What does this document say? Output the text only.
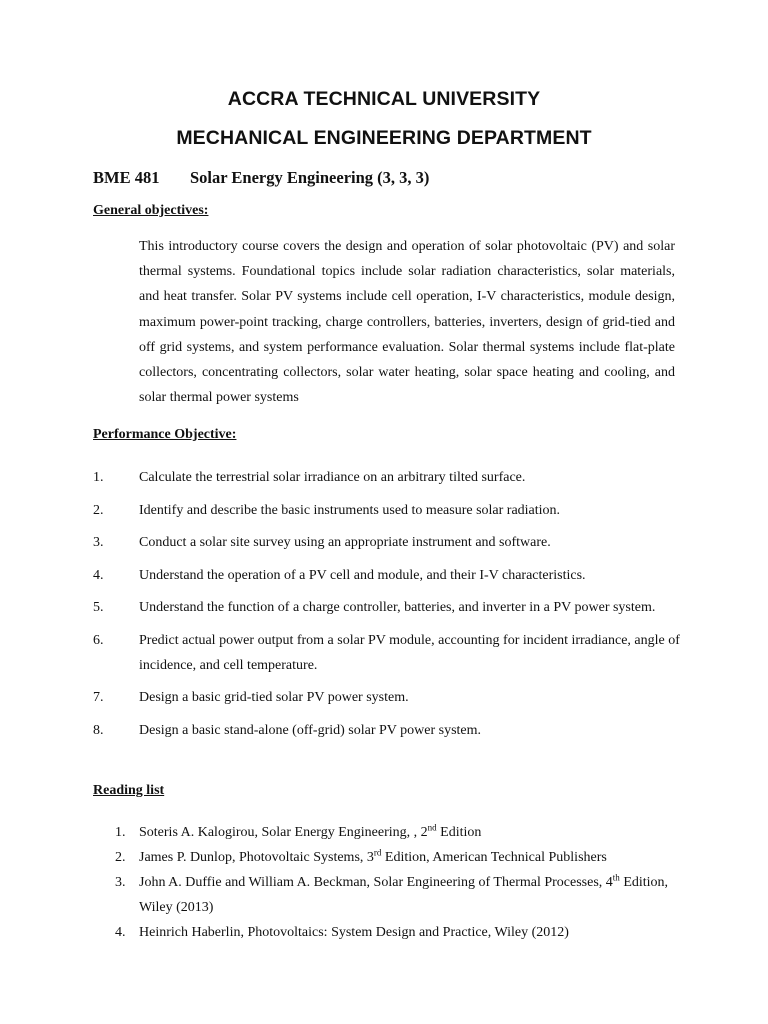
ACCRA TECHNICAL UNIVERSITY
MECHANICAL ENGINEERING DEPARTMENT
BME 481 Solar Energy Engineering (3, 3, 3)
General objectives:

This introductory course covers the design and operation of solar photovoltaic (PV) and solar thermal systems. Foundational topics include solar radiation characteristics, solar materials, and heat transfer. Solar PV systems include cell operation, I-V characteristics, module design, maximum power-point tracking, charge controllers, batteries, inverters, design of grid-tied and off grid systems, and system performance evaluation. Solar thermal systems include flat-plate collectors, concentrating collectors, solar water heating, solar space heating and cooling, and solar thermal power systems

Performance Objective:
1.	Calculate the terrestrial solar irradiance on an arbitrary tilted surface.
2.	Identify and describe the basic instruments used to measure solar radiation.
3.	Conduct a solar site survey using an appropriate instrument and software.
4.	Understand the operation of a PV cell and module, and their I-V characteristics.
5.	Understand the function of a charge controller, batteries, and inverter in a PV power system.
6.	Predict actual power output from a solar PV module, accounting for incident irradiance, angle of incidence, and cell temperature.
7.	Design a basic grid-tied solar PV power system.
8.	Design a basic stand-alone (off-grid) solar PV power system.
Reading list
1. Soteris A. Kalogirou, Solar Energy Engineering, , 2nd Edition
2. James P. Dunlop, Photovoltaic Systems, 3rd Edition, American Technical Publishers
3. John A. Duffie and William A. Beckman, Solar Engineering of Thermal Processes, 4th Edition, Wiley (2013)
4. Heinrich Haberlin, Photovoltaics: System Design and Practice, Wiley (2012)
